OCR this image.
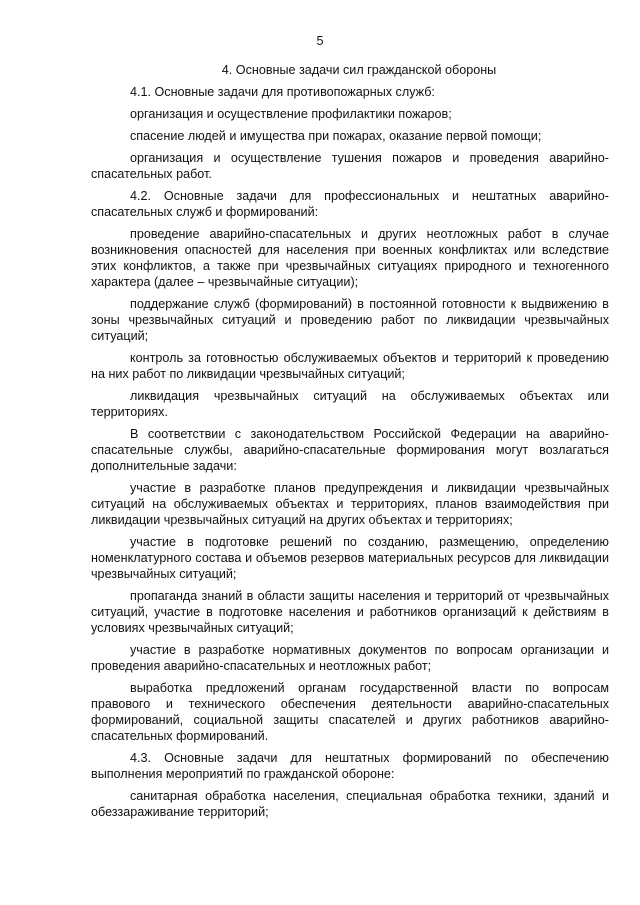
5

4. Основные задачи сил гражданской обороны

4.1. Основные задачи для противопожарных служб:

организация и осуществление профилактики пожаров;

спасение людей и имущества при пожарах, оказание первой помощи;

организация и осуществление тушения пожаров и проведения аварийно-спасательных работ.

4.2. Основные задачи для профессиональных и нештатных аварийно-спасательных служб и формирований:

проведение аварийно-спасательных и других неотложных работ в случае возникновения опасностей для населения при военных конфликтах или вследствие этих конфликтов, а также при чрезвычайных ситуациях природного и техногенного характера (далее – чрезвычайные ситуации);

поддержание служб (формирований) в постоянной готовности к выдвижению в зоны чрезвычайных ситуаций и проведению работ по ликвидации чрезвычайных ситуаций;

контроль за готовностью обслуживаемых объектов и территорий к проведению на них работ по ликвидации чрезвычайных ситуаций;

ликвидация чрезвычайных ситуаций на обслуживаемых объектах или территориях.

В соответствии с законодательством Российской Федерации на аварийно-спасательные службы, аварийно-спасательные формирования могут возлагаться дополнительные задачи:

участие в разработке планов предупреждения и ликвидации чрезвычайных ситуаций на обслуживаемых объектах и территориях, планов взаимодействия при ликвидации чрезвычайных ситуаций на других объектах и территориях;

участие в подготовке решений по созданию, размещению, определению номенклатурного состава и объемов резервов материальных ресурсов для ликвидации чрезвычайных ситуаций;

пропаганда знаний в области защиты населения и территорий от чрезвычайных ситуаций, участие в подготовке населения и работников организаций к действиям в условиях чрезвычайных ситуаций;

участие в разработке нормативных документов по вопросам организации и проведения аварийно-спасательных и неотложных работ;

выработка предложений органам государственной власти по вопросам правового и технического обеспечения деятельности аварийно-спасательных формирований, социальной защиты спасателей и других работников аварийно-спасательных формирований.

4.3. Основные задачи для нештатных формирований по обеспечению выполнения мероприятий по гражданской обороне:

санитарная обработка населения, специальная обработка техники, зданий и обеззараживание территорий;
